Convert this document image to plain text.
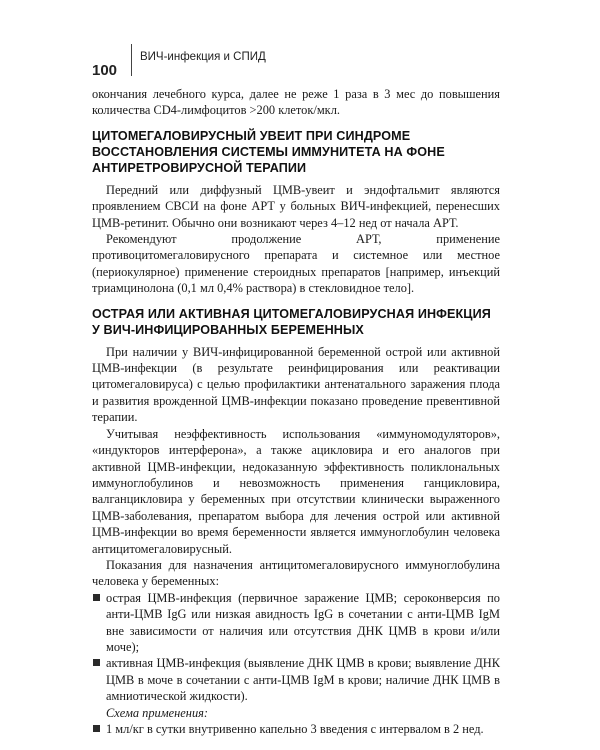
100
ВИЧ-инфекция и СПИД

окончания лечебного курса, далее не реже 1 раза в 3 мес до повышения количества CD4-лимфоцитов >200 клеток/мкл.

ЦИТОМЕГАЛОВИРУСНЫЙ УВЕИТ ПРИ СИНДРОМЕ ВОССТАНОВЛЕНИЯ СИСТЕМЫ ИММУНИТЕТА НА ФОНЕ АНТИРЕТРОВИРУСНОЙ ТЕРАПИИ

Передний или диффузный ЦМВ-увеит и эндофтальмит являются проявлением СВСИ на фоне АРТ у больных ВИЧ-инфекцией, перенесших ЦМВ-ретинит. Обычно они возникают через 4–12 нед от начала АРТ.

Рекомендуют продолжение АРТ, применение противоцитомегаловирусного препарата и системное или местное (периокулярное) применение стероидных препаратов [например, инъекций триамцинолона (0,1 мл 0,4% раствора) в стекловидное тело].

ОСТРАЯ ИЛИ АКТИВНАЯ ЦИТОМЕГАЛОВИРУСНАЯ ИНФЕКЦИЯ У ВИЧ-ИНФИЦИРОВАННЫХ БЕРЕМЕННЫХ

При наличии у ВИЧ-инфицированной беременной острой или активной ЦМВ-инфекции (в результате реинфицирования или реактивации цитомегаловируса) с целью профилактики антенатального заражения плода и развития врожденной ЦМВ-инфекции показано проведение превентивной терапии.

Учитывая неэффективность использования «иммуномодуляторов», «индукторов интерферона», а также ацикловира и его аналогов при активной ЦМВ-инфекции, недоказанную эффективность поликлональных иммуноглобулинов и невозможность применения ганцикловира, валганцикловира у беременных при отсутствии клинически выраженного ЦМВ-заболевания, препаратом выбора для лечения острой или активной ЦМВ-инфекции во время беременности является иммуноглобулин человека антицитомегаловирусный.

Показания для назначения антицитомегаловирусного иммуноглобулина человека у беременных:

острая ЦМВ-инфекция (первичное заражение ЦМВ; сероконверсия по анти-ЦМВ IgG или низкая авидность IgG в сочетании с анти-ЦМВ IgM вне зависимости от наличия или отсутствия ДНК ЦМВ в крови и/или моче);
активная ЦМВ-инфекция (выявление ДНК ЦМВ в крови; выявление ДНК ЦМВ в моче в сочетании с анти-ЦМВ IgM в крови; наличие ДНК ЦМВ в амниотической жидкости).
Схема применения:
1 мл/кг в сутки внутривенно капельно 3 введения с интервалом в 2 нед.
